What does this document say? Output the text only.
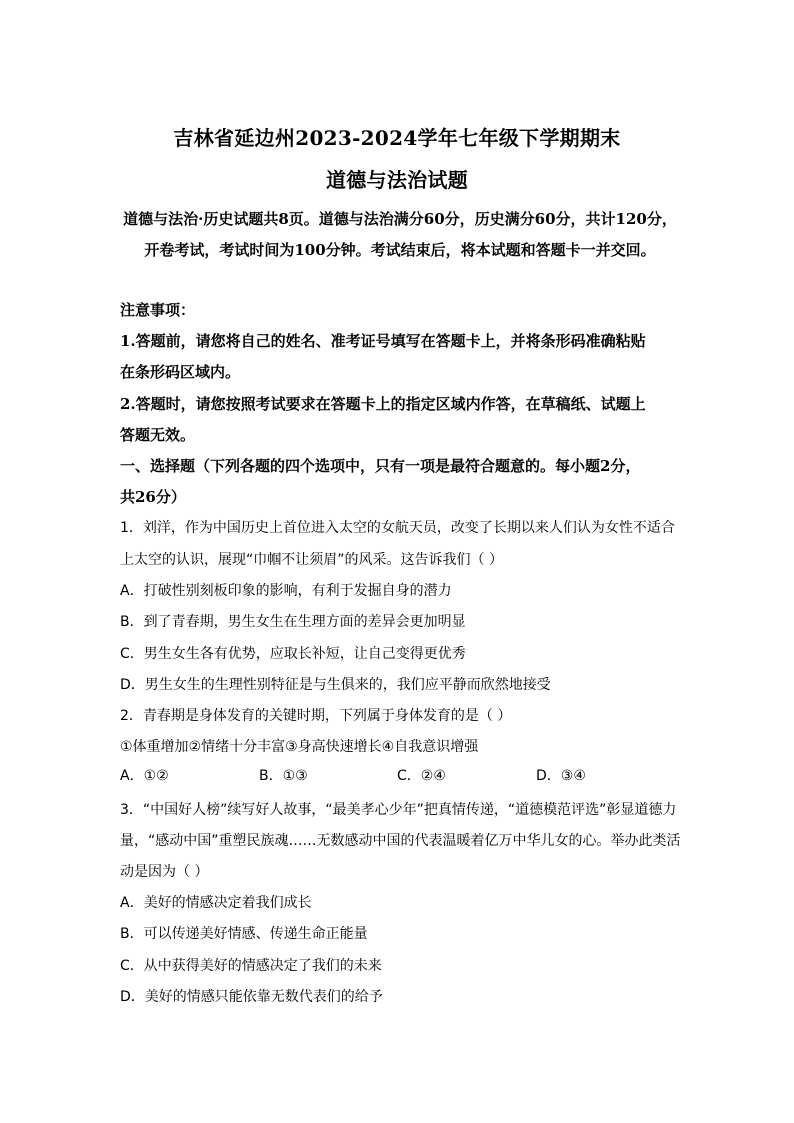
吉林省延边州2023-2024学年七年级下学期期末
道德与法治试题
道德与法治·历史试题共8页。道德与法治满分60分，历史满分60分，共计120分，开卷考试，考试时间为100分钟。考试结束后，将本试题和答题卡一并交回。
注意事项：
1.答题前，请您将自己的姓名、准考证号填写在答题卡上，并将条形码准确粘贴
在条形码区域内。
2.答题时，请您按照考试要求在答题卡上的指定区域内作答，在草稿纸、试题上
答题无效。
一、选择题（下列各题的四个选项中，只有一项是最符合题意的。每小题2分，
共26分）
1．刘洋，作为中国历史上首位进入太空的女航天员，改变了长期以来人们认为女性不适合
上太空的认识，展现“巾帼不让须眉”的风采。这告诉我们（ ）
A．打破性别刻板印象的影响，有利于发掘自身的潜力
B．到了青春期，男生女生在生理方面的差异会更加明显
C．男生女生各有优势，应取长补短，让自己变得更优秀
D．男生女生的生理性别特征是与生俱来的，我们应平静而欣然地接受
2．青春期是身体发育的关键时期，下列属于身体发育的是（ ）
①体重增加②情绪十分丰富③身高快速增长④自我意识增强
A．①②	B．①③	C．②④	D．③④
3．“中国好人榜”续写好人故事，“最美孝心少年”把真情传递，“道德模范评选”彰显道德力
量，“感动中国”重塑民族魂……无数感动中国的代表温暖着亿万中华儿女的心。举办此类活
动是因为（ ）
A．美好的情感决定着我们成长
B．可以传递美好情感、传递生命正能量
C．从中获得美好的情感决定了我们的未来
D．美好的情感只能依靠无数代表们的给予
